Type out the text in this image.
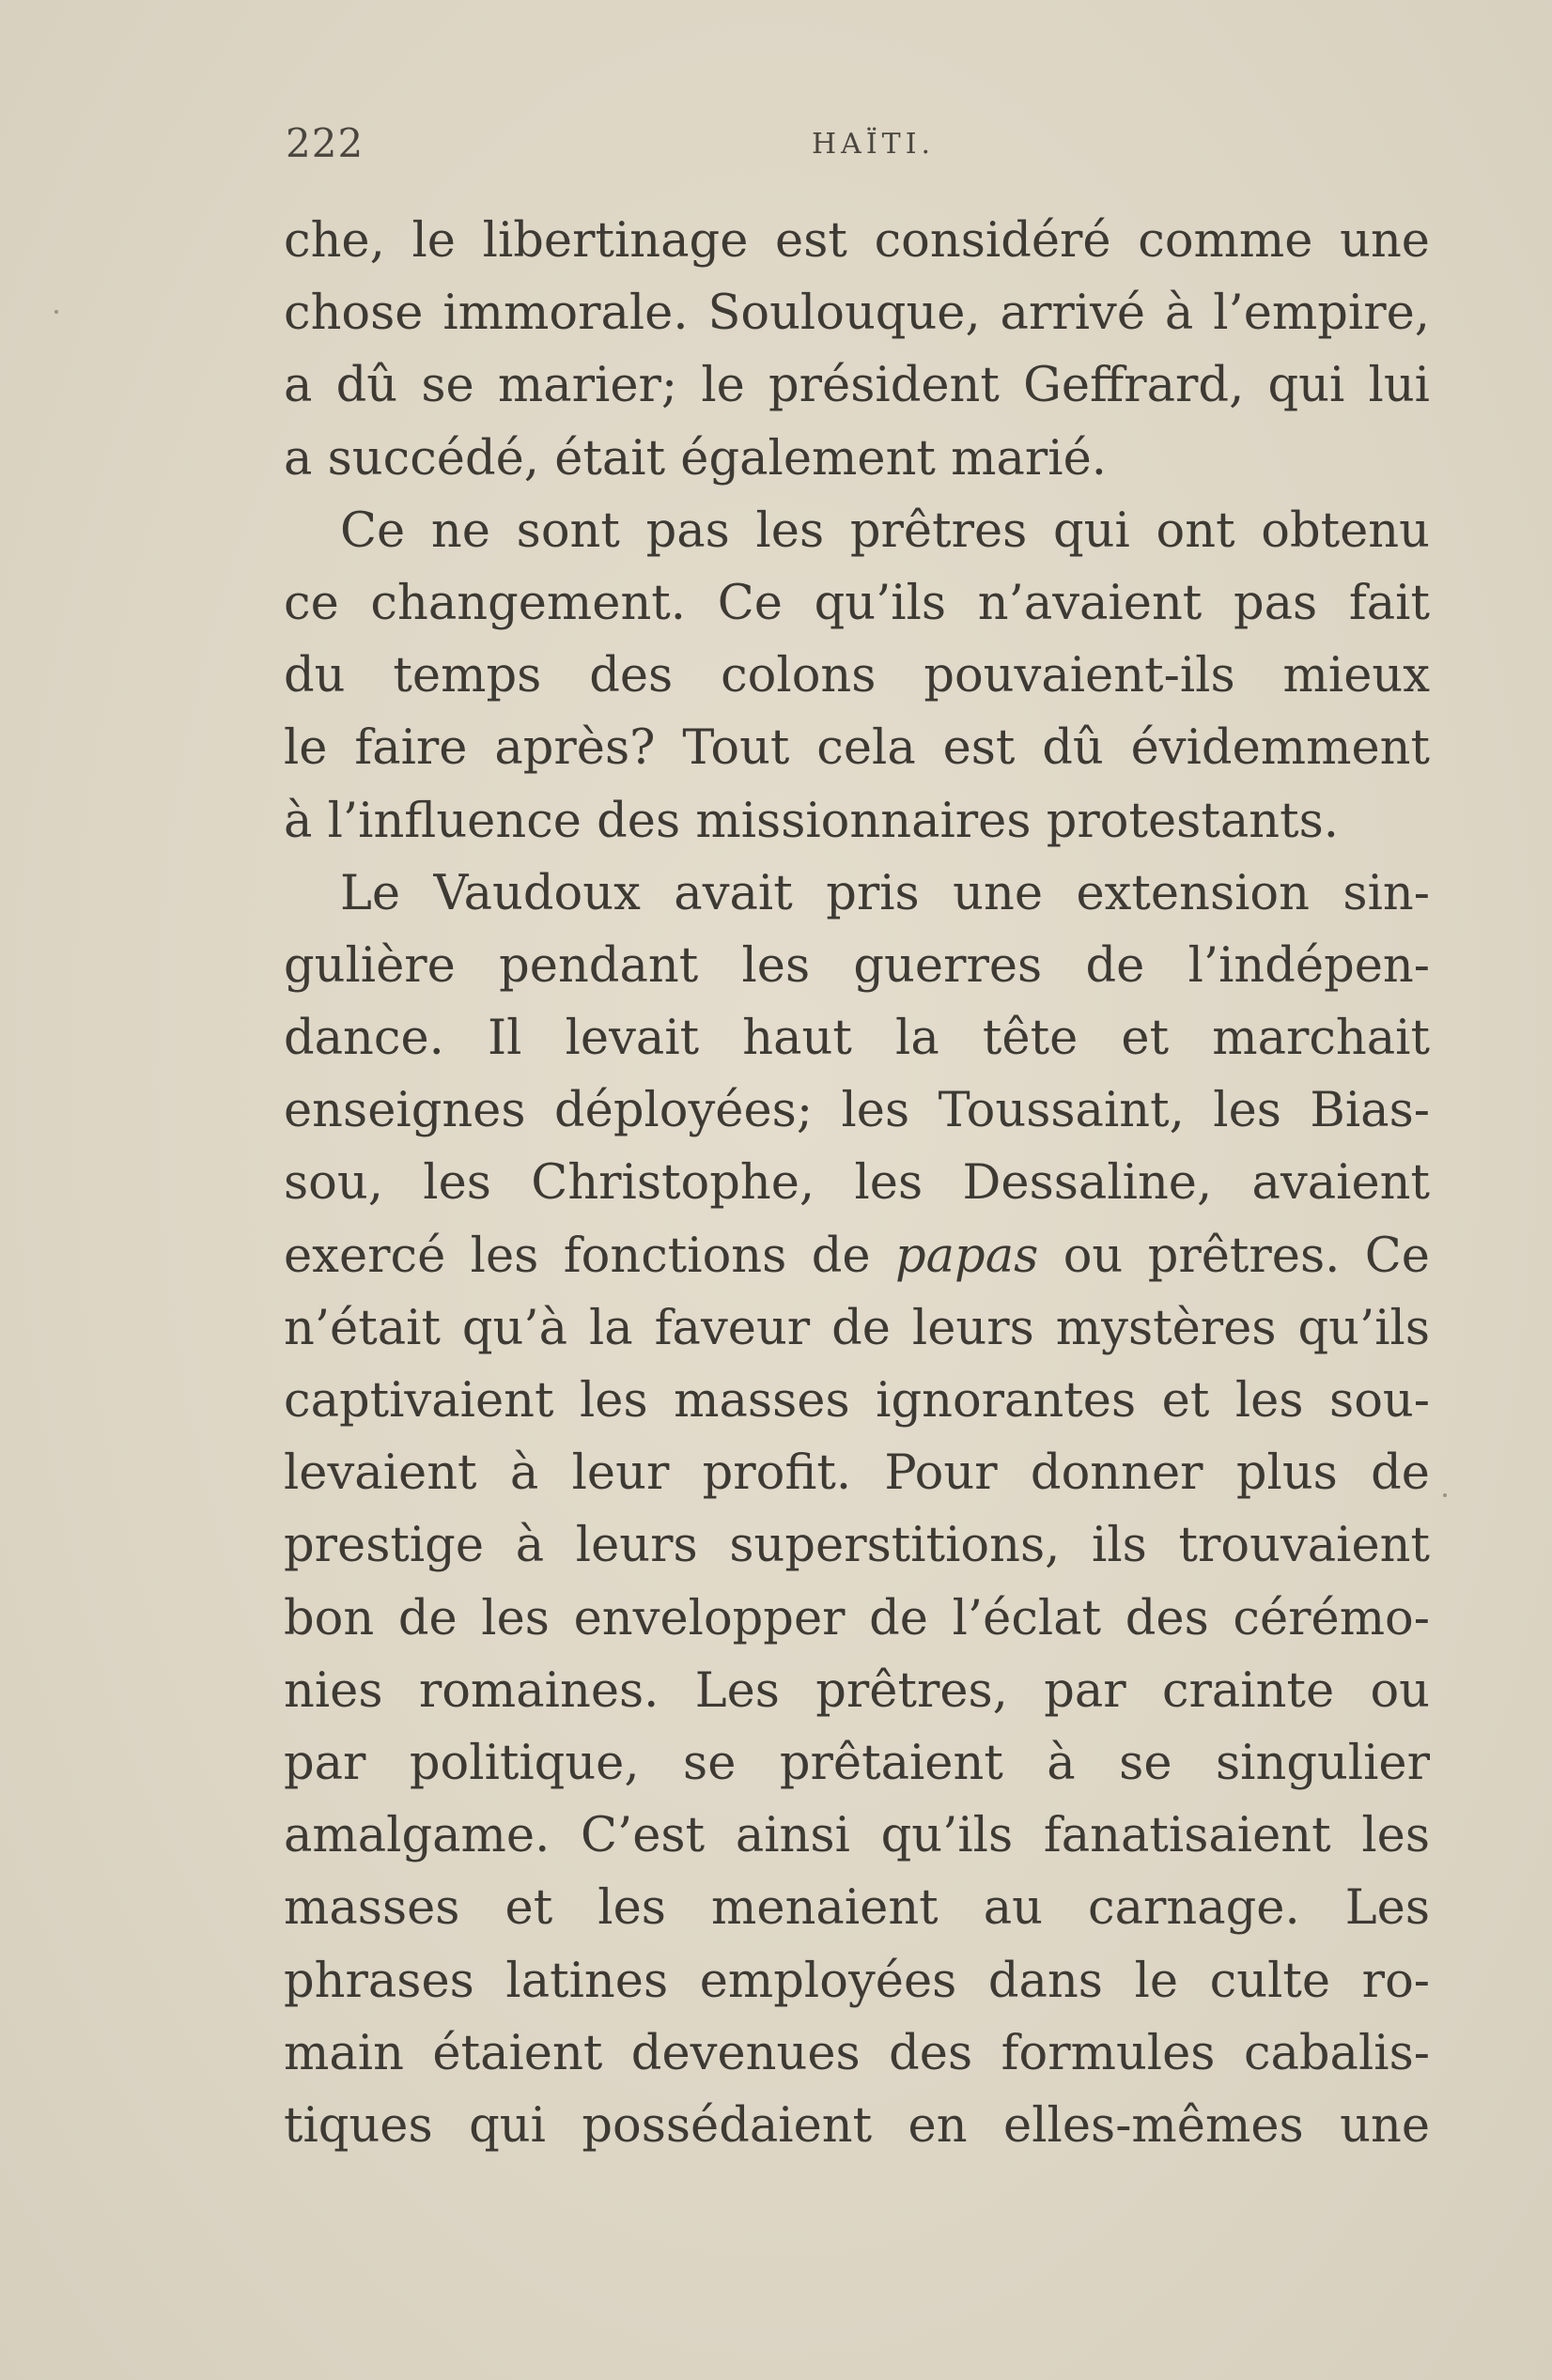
222	HAÏTI.
che, le libertinage est considéré comme une
chose immorale. Soulouque, arrivé à l’empire,
a dû se marier; le président Geffrard, qui lui
a succédé, était également marié.
Ce ne sont pas les prêtres qui ont obtenu
ce changement. Ce qu’ils n’avaient pas fait
du temps des colons pouvaient-ils mieux
le faire après? Tout cela est dû évidemment
à l’influence des missionnaires protestants.
Le Vaudoux avait pris une extension sin-
gulière pendant les guerres de l’indépen-
dance. Il levait haut la tête et marchait
enseignes déployées; les Toussaint, les Bias-
sou, les Christophe, les Dessaline, avaient
exercé les fonctions de papas ou prêtres. Ce
n’était qu’à la faveur de leurs mystères qu’ils
captivaient les masses ignorantes et les sou-
levaient à leur profit. Pour donner plus de
prestige à leurs superstitions, ils trouvaient
bon de les envelopper de l’éclat des cérémo-
nies romaines. Les prêtres, par crainte ou
par politique, se prêtaient à se singulier
amalgame. C’est ainsi qu’ils fanatisaient les
masses et les menaient au carnage. Les
phrases latines employées dans le culte ro-
main étaient devenues des formules cabalis-
tiques qui possédaient en elles-mêmes une
